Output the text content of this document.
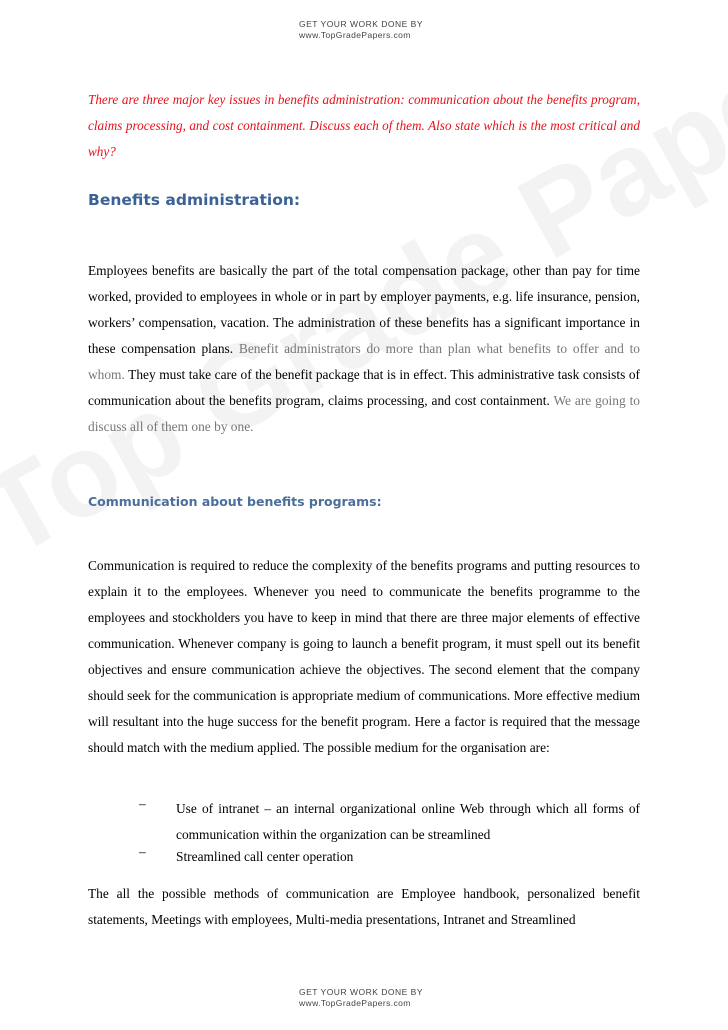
GET YOUR WORK DONE BY
www.TopGradePapers.com
There are three major key issues in benefits administration: communication about the benefits program, claims processing, and cost containment. Discuss each of them. Also state which is the most critical and why?
Benefits administration:
Employees benefits are basically the part of the total compensation package, other than pay for time worked, provided to employees in whole or in part by employer payments, e.g. life insurance, pension, workers’ compensation, vacation. The administration of these benefits has a significant importance in these compensation plans. Benefit administrators do more than plan what benefits to offer and to whom. They must take care of the benefit package that is in effect. This administrative task consists of communication about the benefits program, claims processing, and cost containment. We are going to discuss all of them one by one.
Communication about benefits programs:
Communication is required to reduce the complexity of the benefits programs and putting resources to explain it to the employees. Whenever you need to communicate the benefits programme to the employees and stockholders you have to keep in mind that there are three major elements of effective communication. Whenever company is going to launch a benefit program, it must spell out its benefit objectives and ensure communication achieve the objectives. The second element that the company should seek for the communication is appropriate medium of communications. More effective medium will resultant into the huge success for the benefit program. Here a factor is required that the message should match with the medium applied. The possible medium for the organisation are:
– Use of intranet – an internal organizational online Web through which all forms of communication within the organization can be streamlined
– Streamlined call center operation
The all the possible methods of communication are Employee handbook, personalized benefit statements, Meetings with employees, Multi-media presentations, Intranet and Streamlined
GET YOUR WORK DONE BY
www.TopGradePapers.com
